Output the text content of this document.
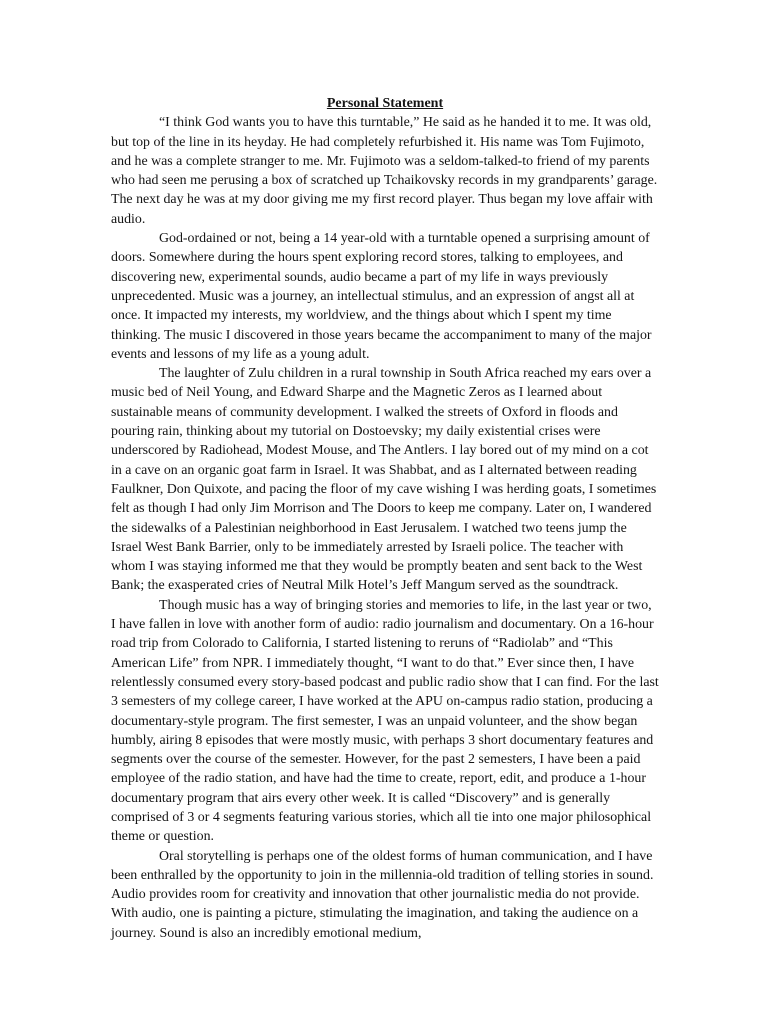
Personal Statement

“I think God wants you to have this turntable,” He said as he handed it to me. It was old, but top of the line in its heyday. He had completely refurbished it. His name was Tom Fujimoto, and he was a complete stranger to me. Mr. Fujimoto was a seldom-talked-to friend of my parents who had seen me perusing a box of scratched up Tchaikovsky records in my grandparents’ garage. The next day he was at my door giving me my first record player. Thus began my love affair with audio.

God-ordained or not, being a 14 year-old with a turntable opened a surprising amount of doors. Somewhere during the hours spent exploring record stores, talking to employees, and discovering new, experimental sounds, audio became a part of my life in ways previously unprecedented. Music was a journey, an intellectual stimulus, and an expression of angst all at once. It impacted my interests, my worldview, and the things about which I spent my time thinking. The music I discovered in those years became the accompaniment to many of the major events and lessons of my life as a young adult.

The laughter of Zulu children in a rural township in South Africa reached my ears over a music bed of Neil Young, and Edward Sharpe and the Magnetic Zeros as I learned about sustainable means of community development. I walked the streets of Oxford in floods and pouring rain, thinking about my tutorial on Dostoevsky; my daily existential crises were underscored by Radiohead, Modest Mouse, and The Antlers. I lay bored out of my mind on a cot in a cave on an organic goat farm in Israel. It was Shabbat, and as I alternated between reading Faulkner, Don Quixote, and pacing the floor of my cave wishing I was herding goats, I sometimes felt as though I had only Jim Morrison and The Doors to keep me company. Later on, I wandered the sidewalks of a Palestinian neighborhood in East Jerusalem. I watched two teens jump the Israel West Bank Barrier, only to be immediately arrested by Israeli police. The teacher with whom I was staying informed me that they would be promptly beaten and sent back to the West Bank; the exasperated cries of Neutral Milk Hotel’s Jeff Mangum served as the soundtrack.

Though music has a way of bringing stories and memories to life, in the last year or two, I have fallen in love with another form of audio: radio journalism and documentary. On a 16-hour road trip from Colorado to California, I started listening to reruns of “Radiolab” and “This American Life” from NPR. I immediately thought, “I want to do that.” Ever since then, I have relentlessly consumed every story-based podcast and public radio show that I can find. For the last 3 semesters of my college career, I have worked at the APU on-campus radio station, producing a documentary-style program. The first semester, I was an unpaid volunteer, and the show began humbly, airing 8 episodes that were mostly music, with perhaps 3 short documentary features and segments over the course of the semester. However, for the past 2 semesters, I have been a paid employee of the radio station, and have had the time to create, report, edit, and produce a 1-hour documentary program that airs every other week. It is called “Discovery” and is generally comprised of 3 or 4 segments featuring various stories, which all tie into one major philosophical theme or question.

Oral storytelling is perhaps one of the oldest forms of human communication, and I have been enthralled by the opportunity to join in the millennia-old tradition of telling stories in sound. Audio provides room for creativity and innovation that other journalistic media do not provide. With audio, one is painting a picture, stimulating the imagination, and taking the audience on a journey. Sound is also an incredibly emotional medium,
